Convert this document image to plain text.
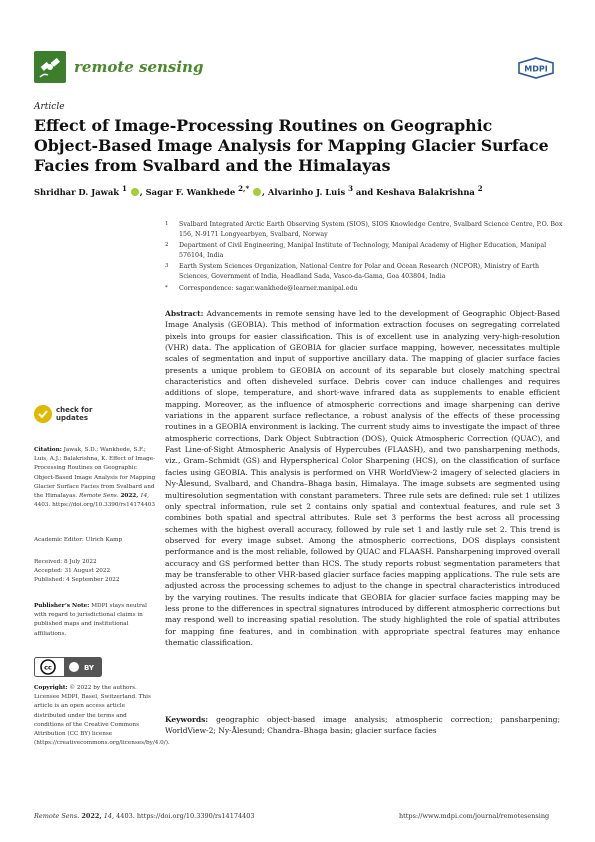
remote sensing	MDPI
Article
Effect of Image-Processing Routines on Geographic Object-Based Image Analysis for Mapping Glacier Surface Facies from Svalbard and the Himalayas
Shridhar D. Jawak $^1$ , Sagar F. Wankhede $^{2,*}$ , Alvarinho J. Luis $^3$ and Keshava Balakrishna $^2$
1	Svalbard Integrated Arctic Earth Observing System (SIOS), SIOS Knowledge Centre, Svalbard Science Centre, P.O. Box 156, N-9171 Longyearbyen, Svalbard, Norway
2	Department of Civil Engineering, Manipal Institute of Technology, Manipal Academy of Higher Education, Manipal 576104, India
3	Earth System Sciences Organization, National Centre for Polar and Ocean Research (NCPOR), Ministry of Earth Sciences, Government of India, Headland Sada, Vasco-da-Gama, Goa 403804, India
*	Correspondence: sagar.wankhede@learner.manipal.edu

Abstract: Advancements in remote sensing have led to the development of Geographic Object-Based Image Analysis (GEOBIA). This method of information extraction focuses on segregating correlated pixels into groups for easier classification. This is of excellent use in analyzing very-high-resolution (VHR) data. The application of GEOBIA for glacier surface mapping, however, necessitates multiple scales of segmentation and input of supportive ancillary data. The mapping of glacier surface facies presents a unique problem to GEOBIA on account of its separable but closely matching spectral characteristics and often disheveled surface. Debris cover can induce challenges and requires additions of slope, temperature, and short-wave infrared data as supplements to enable efficient mapping. Moreover, as the influence of atmospheric corrections and image sharpening can derive variations in the apparent surface reflectance, a robust analysis of the effects of these processing routines in a GEOBIA environment is lacking. The current study aims to investigate the impact of three atmospheric corrections, Dark Object Subtraction (DOS), Quick Atmospheric Correction (QUAC), and Fast Line-of-Sight Atmospheric Analysis of Hypercubes (FLAASH), and two pansharpening methods, viz., Gram–Schmidt (GS) and Hyperspherical Color Sharpening (HCS), on the classification of surface facies using GEOBIA. This analysis is performed on VHR WorldView-2 imagery of selected glaciers in Ny-Ålesund, Svalbard, and Chandra–Bhaga basin, Himalaya. The image subsets are segmented using multiresolution segmentation with constant parameters. Three rule sets are defined: rule set 1 utilizes only spectral information, rule set 2 contains only spatial and contextual features, and rule set 3 combines both spatial and spectral attributes. Rule set 3 performs the best across all processing schemes with the highest overall accuracy, followed by rule set 1 and lastly rule set 2. This trend is observed for every image subset. Among the atmospheric corrections, DOS displays consistent performance and is the most reliable, followed by QUAC and FLAASH. Pansharpening improved overall accuracy and GS performed better than HCS. The study reports robust segmentation parameters that may be transferable to other VHR-based glacier surface facies mapping applications. The rule sets are adjusted across the processing schemes to adjust to the change in spectral characteristics introduced by the varying routines. The results indicate that GEOBIA for glacier surface facies mapping may be less prone to the differences in spectral signatures introduced by different atmospheric corrections but may respond well to increasing spatial resolution. The study highlighted the role of spatial attributes for mapping fine features, and in combination with appropriate spectral features may enhance thematic classification.

Keywords: geographic object-based image analysis; atmospheric correction; pansharpening; WorldView-2; Ny-Ålesund; Chandra–Bhaga basin; glacier surface facies

check for
updates
Citation: Jawak, S.D.; Wankhede, S.F.; Luis, A.J.; Balakrishna, K. Effect of Image-Processing Routines on Geographic Object-Based Image Analysis for Mapping Glacier Surface Facies from Svalbard and the Himalayas. Remote Sens. 2022, 14, 4403. https://doi.org/10.3390/rs14174403
Academic Editor: Ulrich Kamp
Received: 8 July 2022
Accepted: 31 August 2022
Published: 4 September 2022
Publisher’s Note: MDPI stays neutral with regard to jurisdictional claims in published maps and institutional affiliations.
cc	BY
Copyright: © 2022 by the authors. Licensee MDPI, Basel, Switzerland. This article is an open access article distributed under the terms and conditions of the Creative Commons Attribution (CC BY) license (https://creativecommons.org/licenses/by/4.0/).
Remote Sens. 2022, 14, 4403. https://doi.org/10.3390/rs14174403	https://www.mdpi.com/journal/remotesensing
